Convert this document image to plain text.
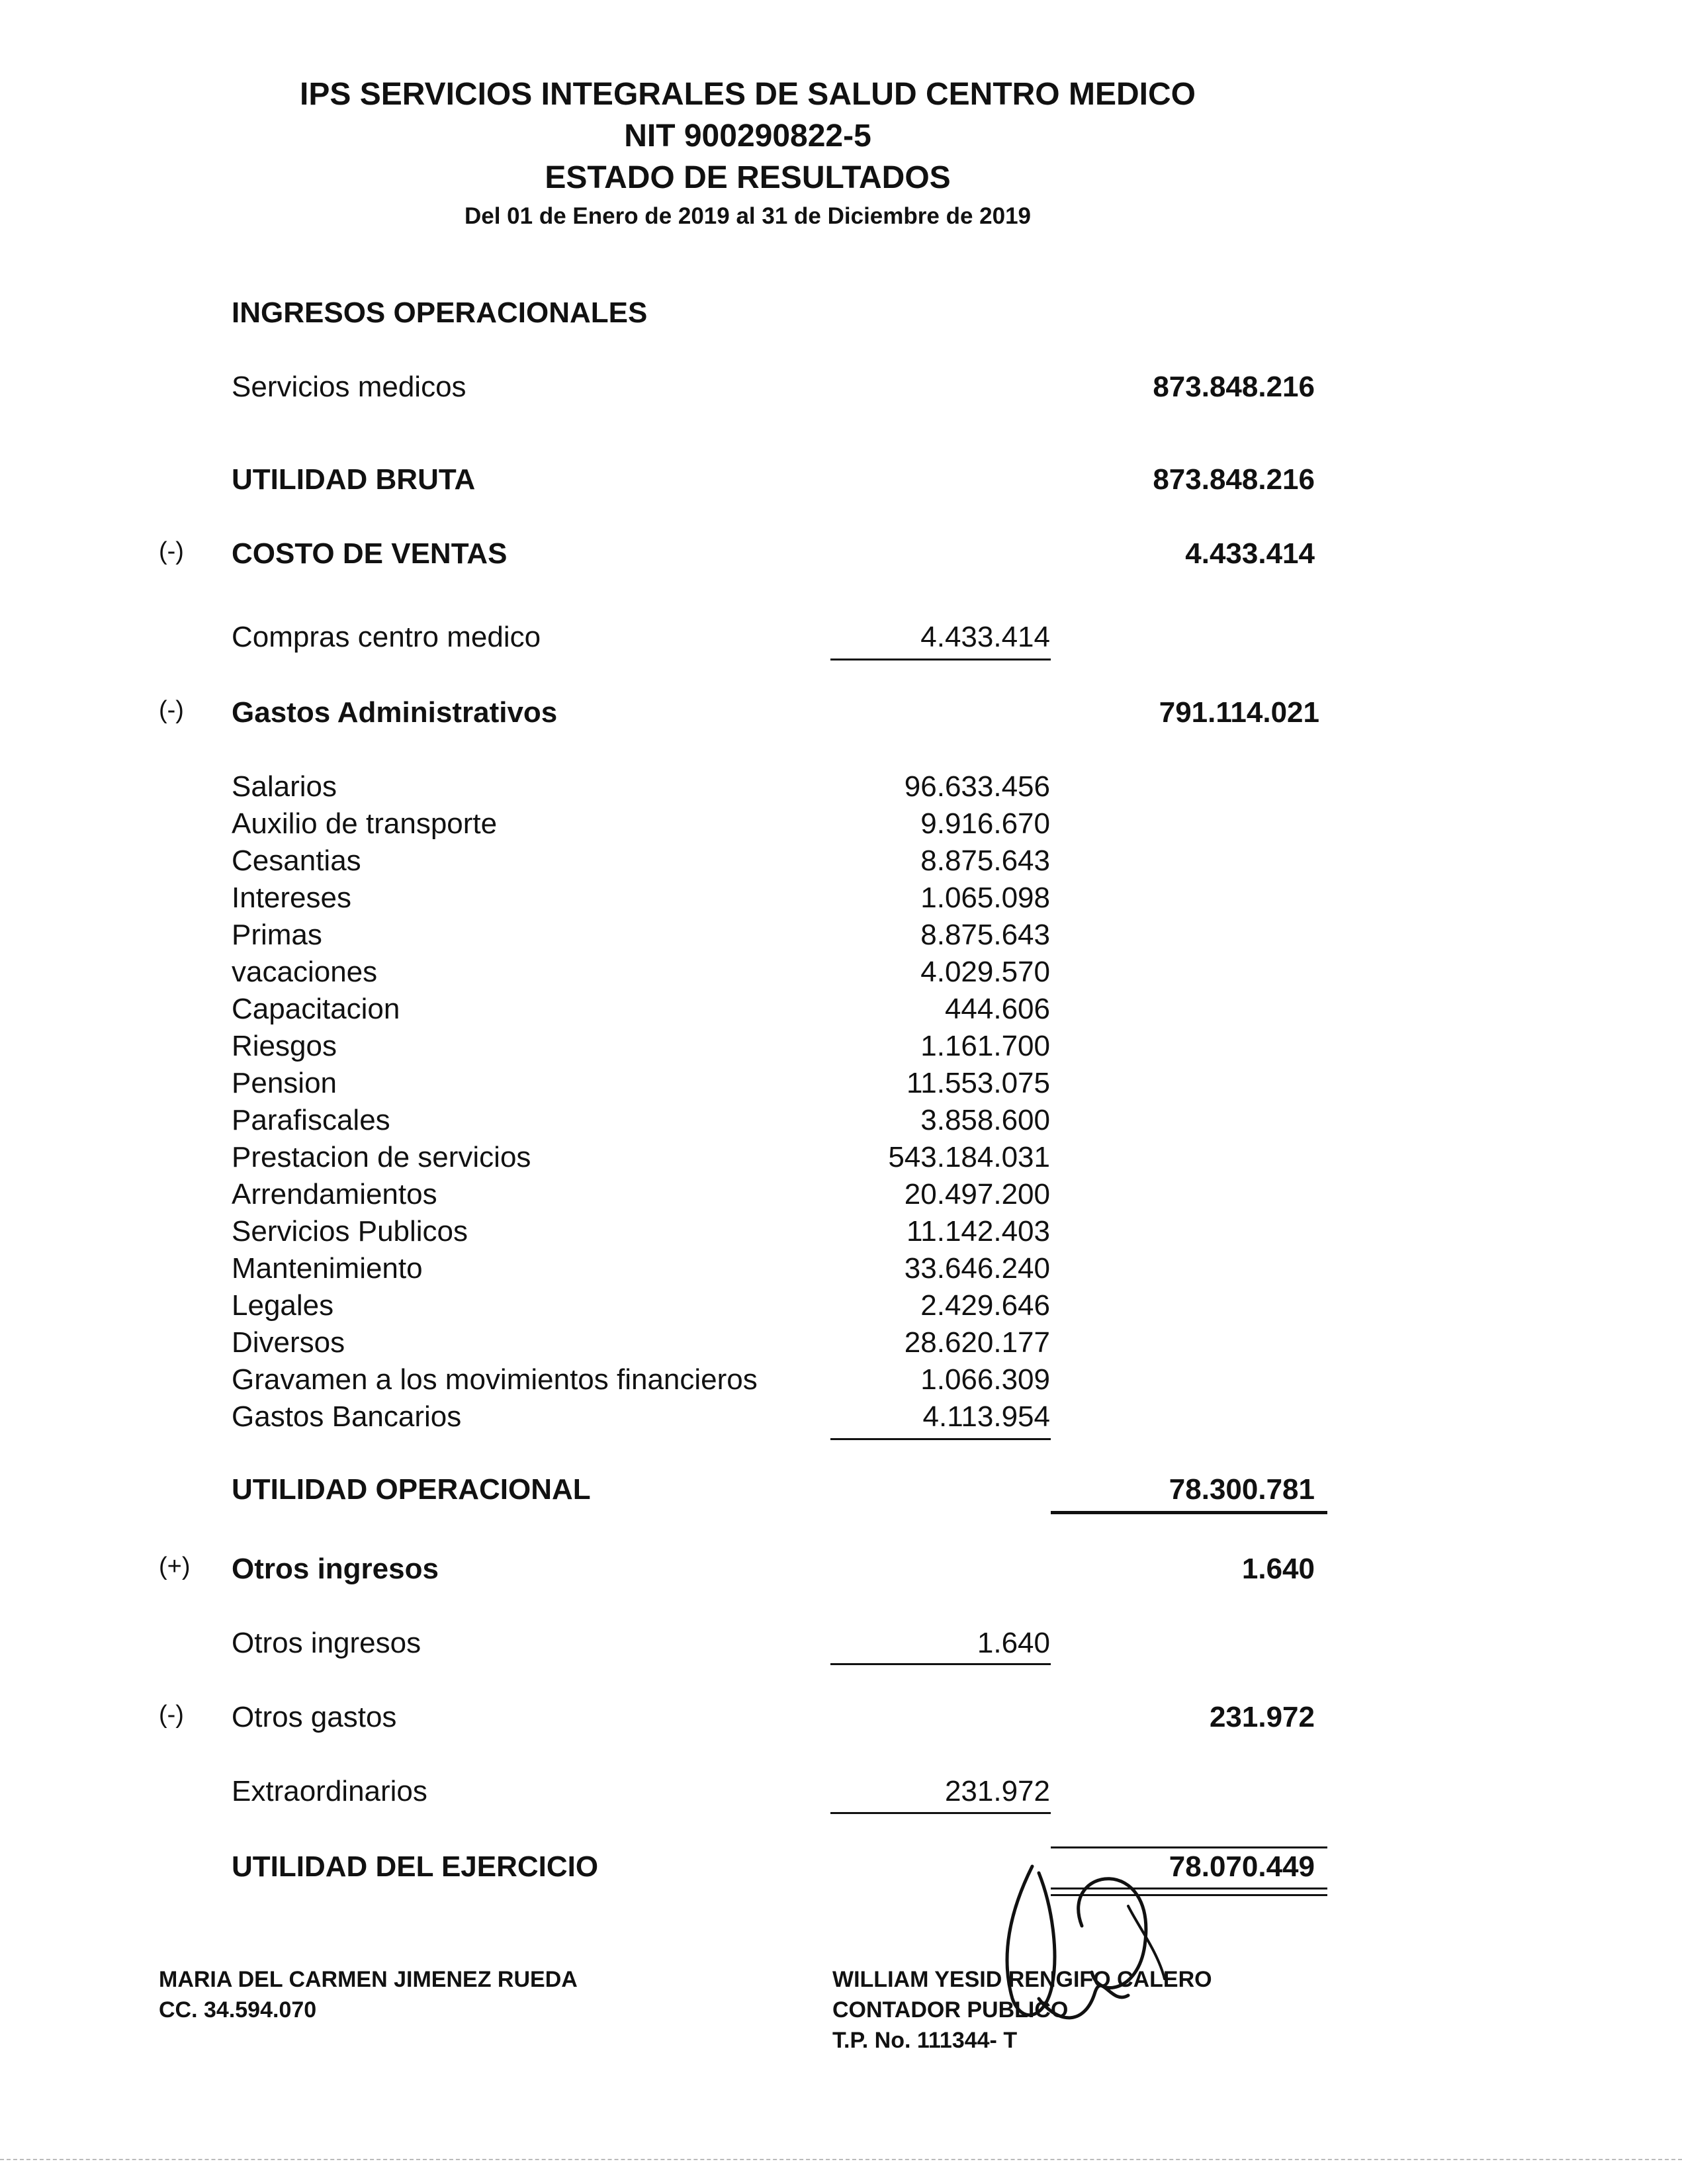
IPS SERVICIOS INTEGRALES DE SALUD CENTRO MEDICO
NIT 900290822-5
ESTADO DE RESULTADOS
Del 01 de Enero de 2019 al 31 de Diciembre de 2019
INGRESOS OPERACIONALES
Servicios medicos	873.848.216
UTILIDAD BRUTA	873.848.216
(-) COSTO DE VENTAS	4.433.414
Compras centro medico	4.433.414
(-) Gastos Administrativos	791.114.021
Salarios	96.633.456
Auxilio de transporte	9.916.670
Cesantias	8.875.643
Intereses	1.065.098
Primas	8.875.643
vacaciones	4.029.570
Capacitacion	444.606
Riesgos	1.161.700
Pension	11.553.075
Parafiscales	3.858.600
Prestacion de servicios	543.184.031
Arrendamientos	20.497.200
Servicios Publicos	11.142.403
Mantenimiento	33.646.240
Legales	2.429.646
Diversos	28.620.177
Gravamen a los movimientos financieros	1.066.309
Gastos Bancarios	4.113.954
UTILIDAD OPERACIONAL	78.300.781
(+) Otros ingresos	1.640
Otros ingresos	1.640
(-) Otros gastos	231.972
Extraordinarios	231.972
UTILIDAD DEL EJERCICIO	78.070.449
MARIA DEL CARMEN JIMENEZ RUEDA
CC. 34.594.070
WILLIAM YESID RENGIFO CALERO
CONTADOR PUBLICO
T.P. No. 111344- T
